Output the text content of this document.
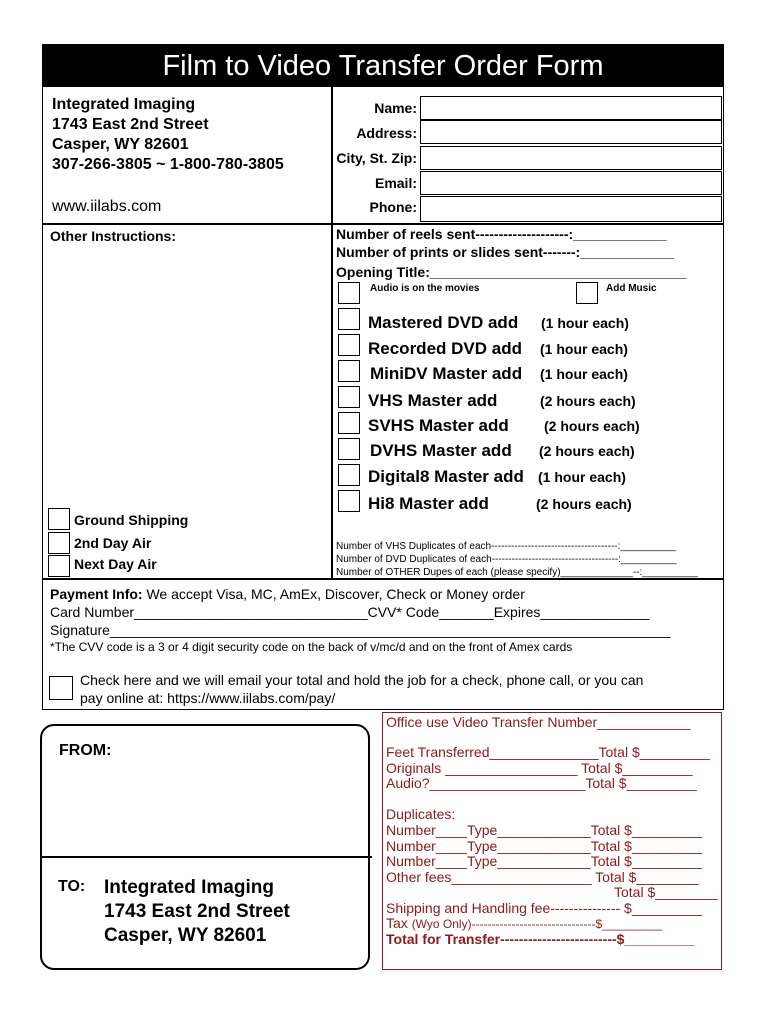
Film to Video Transfer Order Form
Integrated Imaging
1743 East 2nd Street
Casper, WY 82601
307-266-3805 ~ 1-800-780-3805
www.iilabs.com
Name:
Address:
City, St. Zip:
Email:
Phone:
Other Instructions:	Number of reels sent--------------------:____________
Number of prints or slides sent-------:____________
Opening Title:_________________________________
Audio is on the movies	Add Music
Mastered DVD add (1 hour each)
Recorded DVD add (1 hour each)
MiniDV Master add (1 hour each)
VHS Master add	(2 hours each)
SVHS Master add	(2 hours each)
DVHS Master add (2 hours each)
Digital8 Master add (1 hour each)
Hi8 Master add	(2 hours each)
Ground Shipping
2nd Day Air
Next Day Air
Number of VHS Duplicates of each--------------------------------------:__________
Number of DVD Duplicates of each--------------------------------------:__________
Number of OTHER Dupes of each (please specify)_____________--:__________
Payment Info: We accept Visa, MC, AmEx, Discover, Check or Money order
Card Number______________________________CVV* Code_______Expires______________
Signature________________________________________________________________________
*The CVV code is a 3 or 4 digit security code on the back of v/mc/d and on the front of Amex cards
Check here and we will email your total and hold the job for a check, phone call, or you can
pay online at: https://www.iilabs.com/pay/
FROM:
TO: Integrated Imaging
1743 East 2nd Street
Casper, WY 82601
Office use Video Transfer Number____________
Feet Transferred______________Total $_________
Originals _________________ Total $_________
Audio?____________________Total $_________
Duplicates:
Number____Type____________Total $_________
Number____Type____________Total $_________
Number____Type____________Total $_________
Other fees__________________ Total $________
Total $________
Shipping and Handling fee--------------- $_________
Tax (Wyo Only)-------------------------------$_________
Total for Transfer-------------------------$_________
